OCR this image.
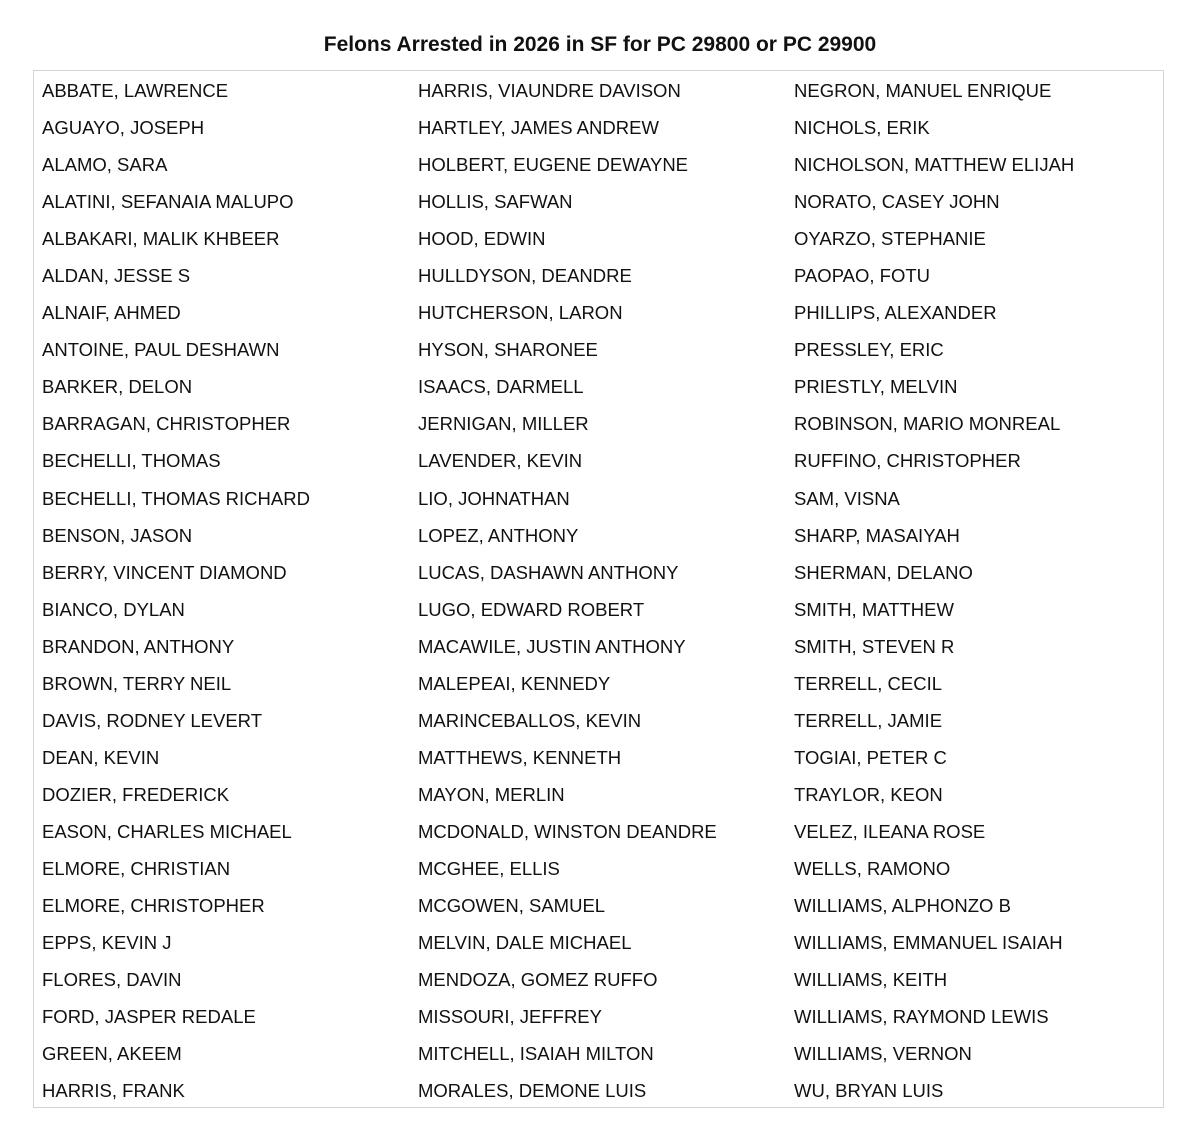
Felons Arrested in 2026 in SF for PC 29800 or PC 29900
ABBATE, LAWRENCE
AGUAYO, JOSEPH
ALAMO, SARA
ALATINI, SEFANAIA MALUPO
ALBAKARI, MALIK KHBEER
ALDAN, JESSE S
ALNAIF, AHMED
ANTOINE, PAUL DESHAWN
BARKER, DELON
BARRAGAN, CHRISTOPHER
BECHELLI, THOMAS
BECHELLI, THOMAS RICHARD
BENSON, JASON
BERRY, VINCENT DIAMOND
BIANCO, DYLAN
BRANDON, ANTHONY
BROWN, TERRY NEIL
DAVIS, RODNEY LEVERT
DEAN, KEVIN
DOZIER, FREDERICK
EASON, CHARLES MICHAEL
ELMORE, CHRISTIAN
ELMORE, CHRISTOPHER
EPPS, KEVIN J
FLORES, DAVIN
FORD, JASPER REDALE
GREEN, AKEEM
HARRIS, FRANK
HARRIS, VIAUNDRE DAVISON
HARTLEY, JAMES ANDREW
HOLBERT, EUGENE DEWAYNE
HOLLIS, SAFWAN
HOOD, EDWIN
HULLDYSON, DEANDRE
HUTCHERSON, LARON
HYSON, SHARONEE
ISAACS, DARMELL
JERNIGAN, MILLER
LAVENDER, KEVIN
LIO, JOHNATHAN
LOPEZ, ANTHONY
LUCAS, DASHAWN ANTHONY
LUGO, EDWARD ROBERT
MACAWILE, JUSTIN ANTHONY
MALEPEAI, KENNEDY
MARINCEBALLOS, KEVIN
MATTHEWS, KENNETH
MAYON, MERLIN
MCDONALD, WINSTON DEANDRE
MCGHEE, ELLIS
MCGOWEN, SAMUEL
MELVIN, DALE MICHAEL
MENDOZA, GOMEZ RUFFO
MISSOURI, JEFFREY
MITCHELL, ISAIAH MILTON
MORALES, DEMONE LUIS
NEGRON, MANUEL ENRIQUE
NICHOLS, ERIK
NICHOLSON, MATTHEW ELIJAH
NORATO, CASEY JOHN
OYARZO, STEPHANIE
PAOPAO, FOTU
PHILLIPS, ALEXANDER
PRESSLEY, ERIC
PRIESTLY, MELVIN
ROBINSON, MARIO MONREAL
RUFFINO, CHRISTOPHER
SAM, VISNA
SHARP, MASAIYAH
SHERMAN, DELANO
SMITH, MATTHEW
SMITH, STEVEN R
TERRELL, CECIL
TERRELL, JAMIE
TOGIAI, PETER C
TRAYLOR, KEON
VELEZ, ILEANA ROSE
WELLS, RAMONO
WILLIAMS, ALPHONZO B
WILLIAMS, EMMANUEL ISAIAH
WILLIAMS, KEITH
WILLIAMS, RAYMOND LEWIS
WILLIAMS, VERNON
WU, BRYAN LUIS
